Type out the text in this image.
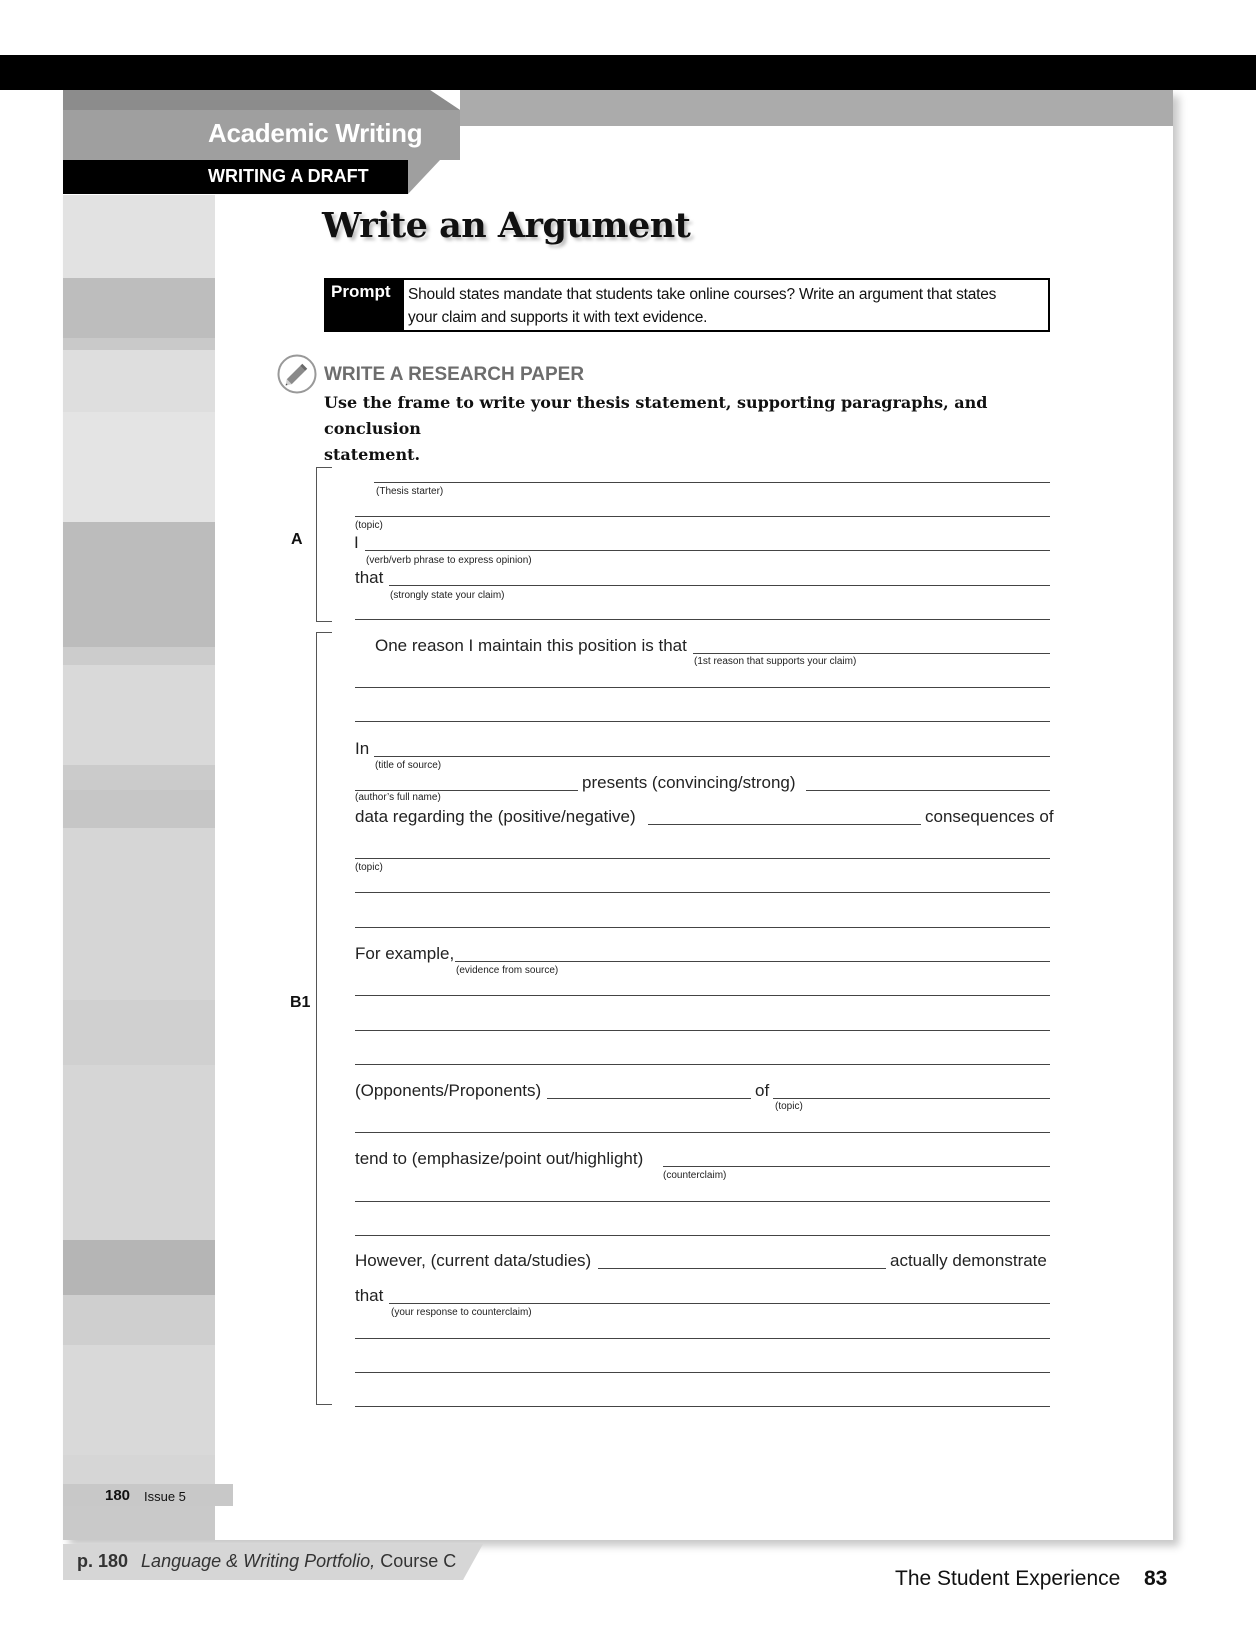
Academic Writing
WRITING A DRAFT
Write an Argument
Prompt	Should states mandate that students take online courses? Write an argument that states
your claim and supports it with text evidence.
WRITE A RESEARCH PAPER
Use the frame to write your thesis statement, supporting paragraphs, and conclusion
statement.
A
B1
(Thesis starter)
(topic)
I
(verb/verb phrase to express opinion)
that
(strongly state your claim)
One reason I maintain this position is that
(1st reason that supports your claim)
In
(title of source)
presents (convincing/strong)
(author’s full name)
data regarding the (positive/negative)	consequences of
(topic)
For example,
(evidence from source)
(Opponents/Proponents)	of
(topic)
tend to (emphasize/point out/highlight)
(counterclaim)
However, (current data/studies)	actually demonstrate
that
(your response to counterclaim)
180 Issue 5
p. 180 Language & Writing Portfolio, Course C
The Student Experience 83
